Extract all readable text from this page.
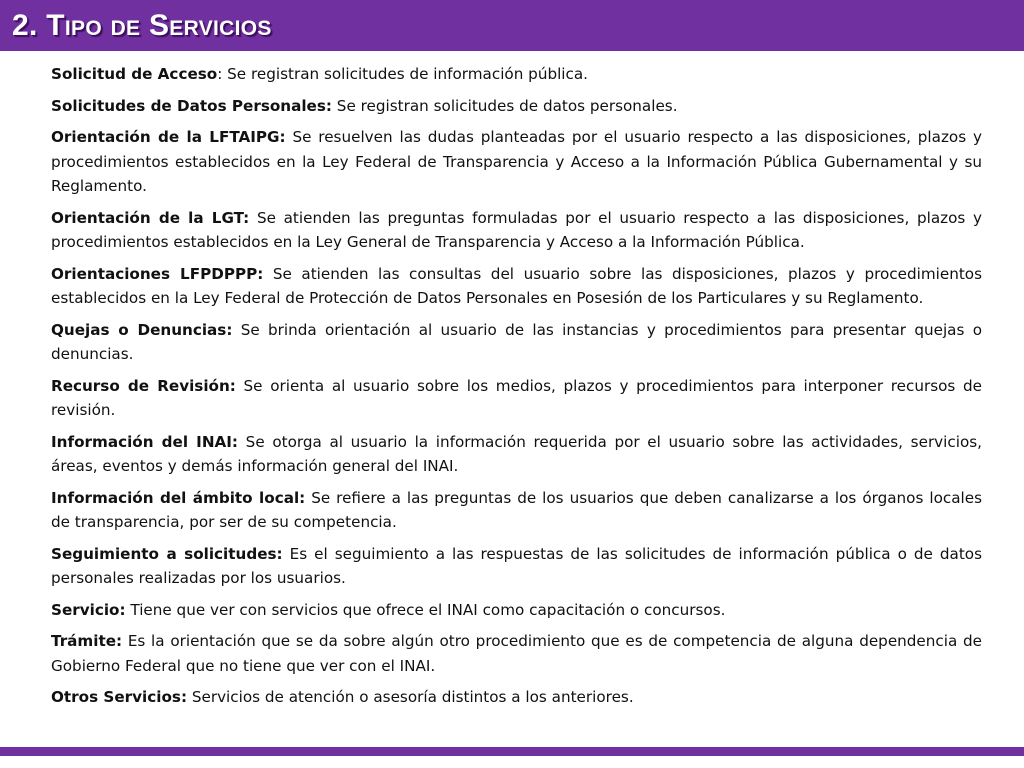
2. Tipo de Servicios

Solicitud de Acceso: Se registran solicitudes de información pública.

Solicitudes de Datos Personales: Se registran solicitudes de datos personales.

Orientación de la LFTAIPG: Se resuelven las dudas planteadas por el usuario respecto a las disposiciones, plazos y procedimientos establecidos en la Ley Federal de Transparencia y Acceso a la Información Pública Gubernamental y su Reglamento.

Orientación de la LGT: Se atienden las preguntas formuladas por el usuario respecto a las disposiciones, plazos y procedimientos establecidos en la Ley General de Transparencia y Acceso a la Información Pública.

Orientaciones LFPDPPP: Se atienden las consultas del usuario sobre las disposiciones, plazos y procedimientos establecidos en la Ley Federal de Protección de Datos Personales en Posesión de los Particulares y su Reglamento.

Quejas o Denuncias: Se brinda orientación al usuario de las instancias y procedimientos para presentar quejas o denuncias.

Recurso de Revisión: Se orienta al usuario sobre los medios, plazos y procedimientos para interponer recursos de revisión.

Información del INAI: Se otorga al usuario la información requerida por el usuario sobre las actividades, servicios, áreas, eventos y demás información general del INAI.

Información del ámbito local: Se refiere a las preguntas de los usuarios que deben canalizarse a los órganos locales de transparencia, por ser de su competencia.

Seguimiento a solicitudes: Es el seguimiento a las respuestas de las solicitudes de información pública o de datos personales realizadas por los usuarios.

Servicio: Tiene que ver con servicios que ofrece el INAI como capacitación o concursos.

Trámite: Es la orientación que se da sobre algún otro procedimiento que es de competencia de alguna dependencia de Gobierno Federal que no tiene que ver con el INAI.

Otros Servicios: Servicios de atención o asesoría distintos a los anteriores.
